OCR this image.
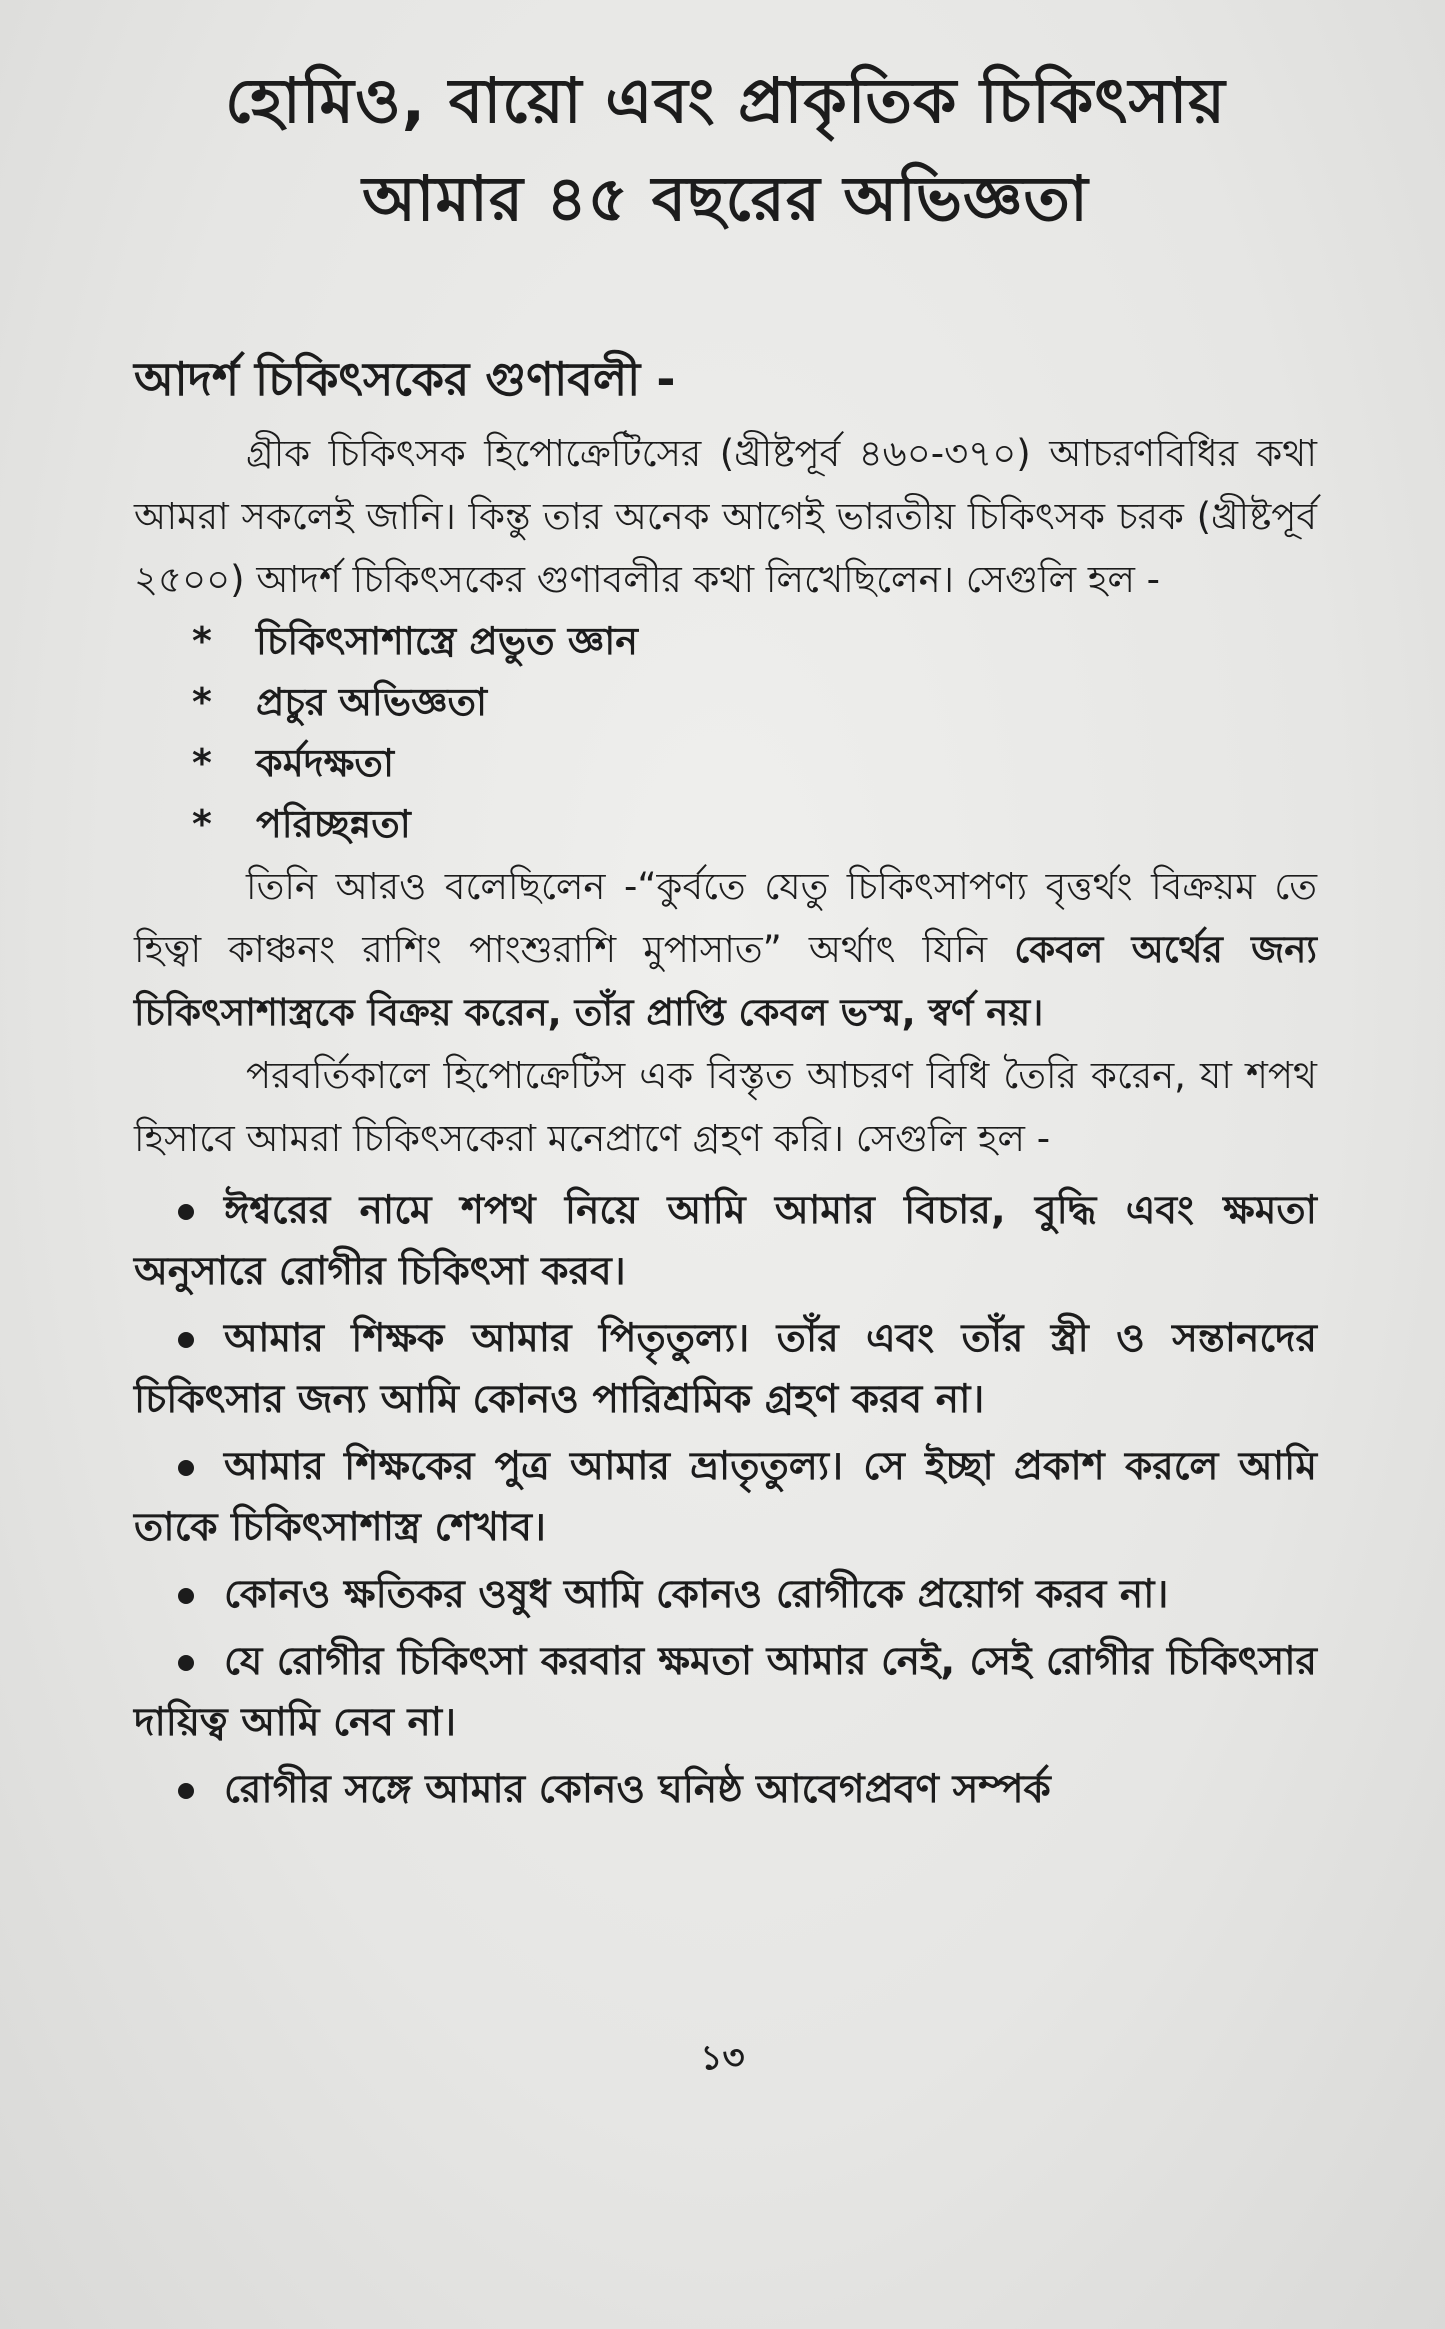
হোমিও, বায়ো এবং প্রাকৃতিক চিকিৎসায়
আমার ৪৫ বছরের অভিজ্ঞতা
আদর্শ চিকিৎসকের গুণাবলী -

গ্রীক চিকিৎসক হিপোক্রেটিসের (খ্রীষ্টপূর্ব ৪৬০-৩৭০) আচরণবিধির কথা আমরা সকলেই জানি। কিন্তু তার অনেক আগেই ভারতীয় চিকিৎসক চরক (খ্রীষ্টপূর্ব ২৫০০) আদর্শ চিকিৎসকের গুণাবলীর কথা লিখেছিলেন। সেগুলি হল -

* চিকিৎসাশাস্ত্রে প্রভুত জ্ঞান
* প্রচুর অভিজ্ঞতা
* কর্মদক্ষতা
* পরিচ্ছন্নতা

তিনি আরও বলেছিলেন -“কুর্বতে যেতু চিকিৎসাপণ্য বৃত্তর্থং বিক্রয়ম তে হিত্বা কাঞ্চনং রাশিং পাংশুরাশি মুপাসাত” অর্থাৎ যিনি কেবল অর্থের জন্য চিকিৎসাশাস্ত্রকে বিক্রয় করেন, তাঁর প্রাপ্তি কেবল ভস্ম, স্বর্ণ নয়।

পরবর্তিকালে হিপোক্রেটিস এক বিস্তৃত আচরণ বিধি তৈরি করেন, যা শপথ হিসাবে আমরা চিকিৎসকেরা মনেপ্রাণে গ্রহণ করি। সেগুলি হল -

ঈশ্বরের নামে শপথ নিয়ে আমি আমার বিচার, বুদ্ধি এবং ক্ষমতা অনুসারে রোগীর চিকিৎসা করব।
আমার শিক্ষক আমার পিতৃতুল্য। তাঁর এবং তাঁর স্ত্রী ও সন্তানদের চিকিৎসার জন্য আমি কোনও পারিশ্রমিক গ্রহণ করব না।
আমার শিক্ষকের পুত্র আমার ভ্রাতৃতুল্য। সে ইচ্ছা প্রকাশ করলে আমি তাকে চিকিৎসাশাস্ত্র শেখাব।
কোনও ক্ষতিকর ওষুধ আমি কোনও রোগীকে প্রয়োগ করব না।
যে রোগীর চিকিৎসা করবার ক্ষমতা আমার নেই, সেই রোগীর চিকিৎসার দায়িত্ব আমি নেব না।
রোগীর সঙ্গে আমার কোনও ঘনিষ্ঠ আবেগপ্রবণ সম্পর্ক
১৩
